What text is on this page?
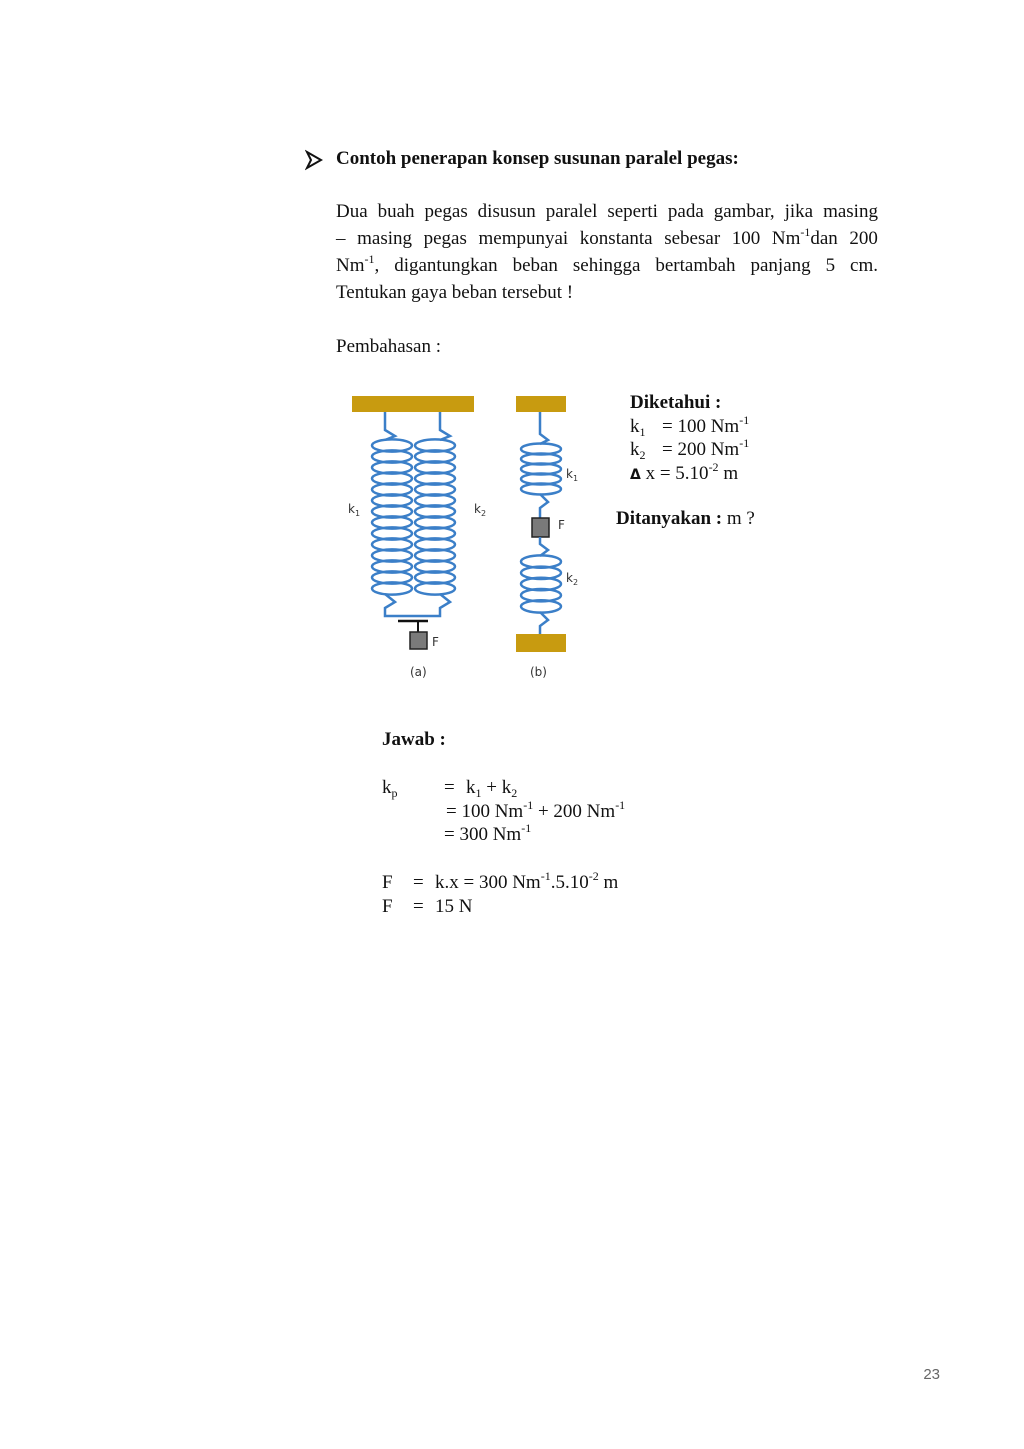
Contoh penerapan konsep susunan paralel pegas:
Dua buah pegas disusun paralel seperti pada gambar, jika masing
– masing pegas mempunyai konstanta sebesar 100 $Nm^{-1}dan$ 200
$Nm^{-1}$, digantungkan beban sehingga bertambah panjang 5 cm.
Tentukan gaya beban tersebut !
Pembahasan :
$k_1$	$k_2$
F
$k_1$
F
$k_2$
(a)	(b)
Diketahui :
$k_1 = 100$ $Nm^{-1}$
$k_2 = 200$ $Nm^{-1}$
Δ $x = 5.10^{-2}$ m
Ditanyakan : m ?
Jawab :
$k_p = k_1 + k_2$
= 100 $Nm^{-1} + 200$ $Nm^{-1}$
= 300 $Nm^{-1}$
F = k.x = 300 $Nm^{-1}.5.10^{-2}$ m
F = 15 N
23
